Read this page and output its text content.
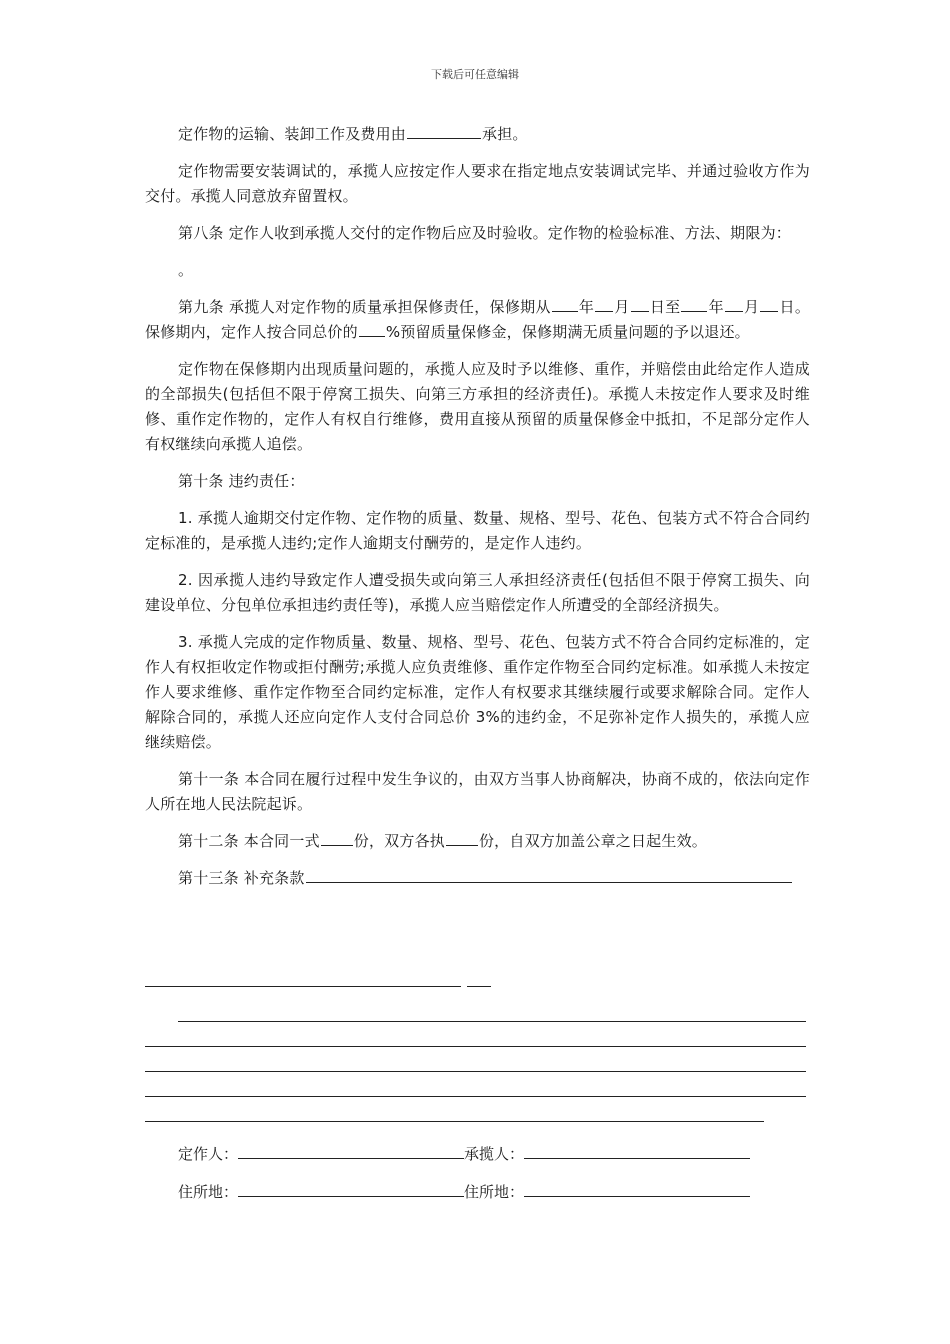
下载后可任意编辑

定作物的运输、装卸工作及费用由	承担。

定作物需要安装调试的，承揽人应按定作人要求在指定地点安装调试完毕、并通过验收方作为交付。承揽人同意放弃留置权。

第八条 定作人收到承揽人交付的定作物后应及时验收。定作物的检验标准、方法、期限为：

。

第九条 承揽人对定作物的质量承担保修责任，保修期从 年 月 日至 年 月 日。保修期内，定作人按合同总价的 %预留质量保修金，保修期满无质量问题的予以退还。

定作物在保修期内出现质量问题的，承揽人应及时予以维修、重作，并赔偿由此给定作人造成的全部损失(包括但不限于停窝工损失、向第三方承担的经济责任)。承揽人未按定作人要求及时维修、重作定作物的，定作人有权自行维修，费用直接从预留的质量保修金中抵扣，不足部分定作人有权继续向承揽人追偿。

第十条 违约责任：

1. 承揽人逾期交付定作物、定作物的质量、数量、规格、型号、花色、包装方式不符合合同约定标准的，是承揽人违约;定作人逾期支付酬劳的，是定作人违约。

2. 因承揽人违约导致定作人遭受损失或向第三人承担经济责任(包括但不限于停窝工损失、向建设单位、分包单位承担违约责任等)，承揽人应当赔偿定作人所遭受的全部经济损失。

3. 承揽人完成的定作物质量、数量、规格、型号、花色、包装方式不符合合同约定标准的，定作人有权拒收定作物或拒付酬劳;承揽人应负责维修、重作定作物至合同约定标准。如承揽人未按定作人要求维修、重作定作物至合同约定标准，定作人有权要求其继续履行或要求解除合同。定作人解除合同的，承揽人还应向定作人支付合同总价 3%的违约金，不足弥补定作人损失的，承揽人应继续赔偿。

第十一条 本合同在履行过程中发生争议的，由双方当事人协商解决，协商不成的，依法向定作人所在地人民法院起诉。

第十二条 本合同一式 份，双方各执 份，自双方加盖公章之日起生效。

第十三条 补充条款

定作人：	承揽人：
住所地：	住所地：
